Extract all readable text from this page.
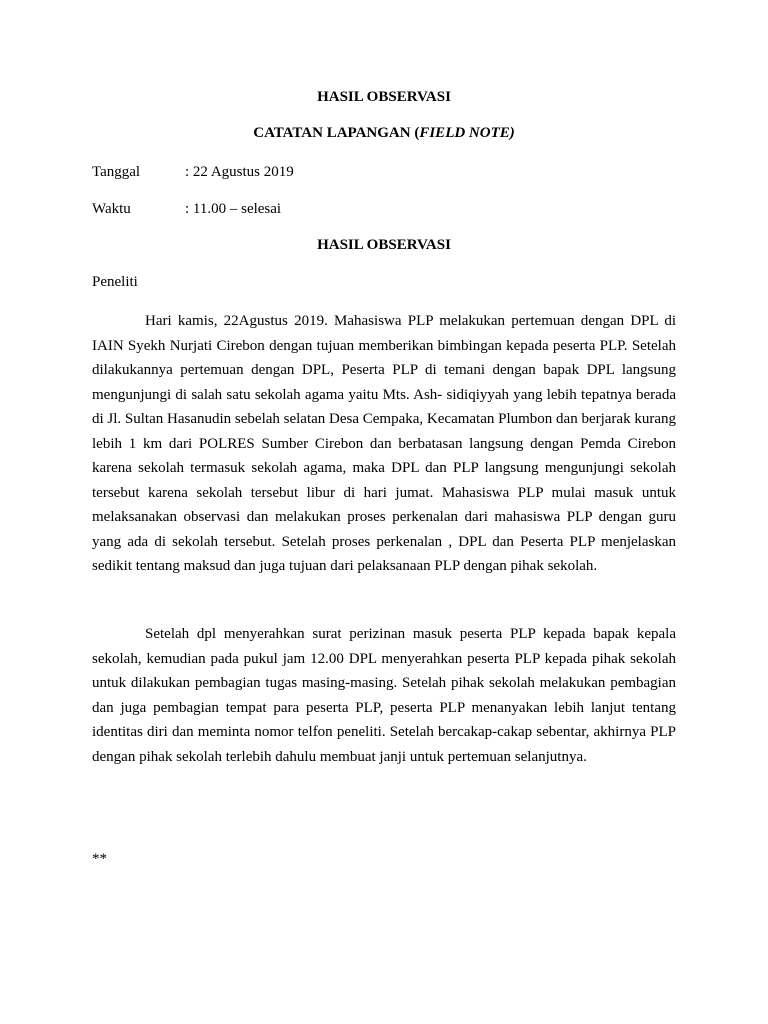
HASIL OBSERVASI
CATATAN LAPANGAN (FIELD NOTE)
Tanggal	: 22 Agustus 2019
Waktu	: 11.00 – selesai
HASIL OBSERVASI
Peneliti

Hari kamis, 22Agustus 2019. Mahasiswa PLP melakukan pertemuan dengan DPL di IAIN Syekh Nurjati Cirebon dengan tujuan memberikan bimbingan kepada peserta PLP. Setelah dilakukannya pertemuan dengan DPL, Peserta PLP di temani dengan bapak DPL langsung mengunjungi di salah satu sekolah agama yaitu Mts. Ash- sidiqiyyah yang lebih tepatnya berada di Jl. Sultan Hasanudin sebelah selatan Desa Cempaka, Kecamatan Plumbon dan berjarak kurang lebih 1 km dari POLRES Sumber Cirebon dan berbatasan langsung dengan Pemda Cirebon karena sekolah termasuk sekolah agama, maka DPL dan PLP langsung mengunjungi sekolah tersebut karena sekolah tersebut libur di hari jumat. Mahasiswa PLP mulai masuk untuk melaksanakan observasi dan melakukan proses perkenalan dari mahasiswa PLP dengan guru yang ada di sekolah tersebut. Setelah proses perkenalan , DPL dan Peserta PLP menjelaskan sedikit tentang maksud dan juga tujuan dari pelaksanaan PLP dengan pihak sekolah.

Setelah dpl menyerahkan surat perizinan masuk peserta PLP kepada bapak kepala sekolah, kemudian pada pukul jam 12.00 DPL menyerahkan peserta PLP kepada pihak sekolah untuk dilakukan pembagian tugas masing-masing. Setelah pihak sekolah melakukan pembagian dan juga pembagian tempat para peserta PLP, peserta PLP menanyakan lebih lanjut tentang identitas diri dan meminta nomor telfon peneliti. Setelah bercakap-cakap sebentar, akhirnya PLP dengan pihak sekolah terlebih dahulu membuat janji untuk pertemuan selanjutnya.

**
